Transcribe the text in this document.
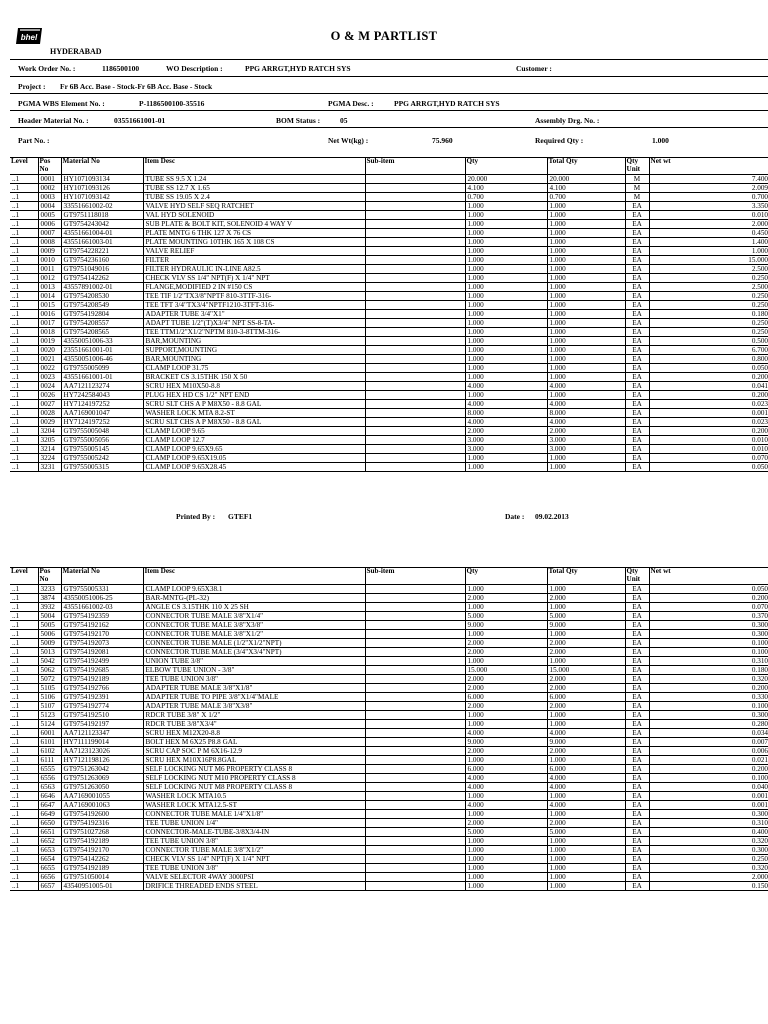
bhel
HYDERABAD
O & M PARTLIST
Work Order No. :	1186500100	WO Description :	PPG ARRGT,HYD RATCH SYS	Customer :
Project : Fr 6B Acc. Base - Stock-Fr 6B Acc. Base - Stock
PGMA WBS Element No. :	P-1186500100-35516	PGMA Desc. :	PPG ARRGT,HYD RATCH SYS
Header Material No. :	03551661001-01	BOM Status :	05	Assembly Drg. No. :
Part No. :	Net Wt(kg) :	75.960	Required Qty :	1.000
Level	Pos No	Material No	Item Desc	Sub-item	Qty	Total Qty	Qty Unit	Net wt
..1	0001	HY1071093134	TUBE SS 9.5 X 1.24		20.000	20.000	M	7.400
..1	0002	HY1071093126	TUBE SS 12.7 X 1.65		4.100	4.100	M	2.009
..1	0003	HY1071093142	TUBE SS 19.05 X 2.4		0.700	0.700	M	0.700
..1	0004	33551661002-02	VALVE HYD SELF SEQ RATCHET		1.000	1.000	EA	3.350
..1	0005	GT9751118018	VAL HYD SOLENOID		1.000	1.000	EA	0.010
..1	0006	GT9754243042	SUB PLATE & BOLT KIT, SOLENOID 4 WAY V		1.000	1.000	EA	2.000
..1	0007	43551661004-01	PLATE MNTG 6 THK 127 X 76 CS		1.000	1.000	EA	0.450
..1	0008	43551661003-01	PLATE MOUNTING 10THK 165 X 108 CS		1.000	1.000	EA	1.400
..1	0009	GT9754228221	VALVE RELIEF		1.000	1.000	EA	1.000
..1	0010	GT9754236160	FILTER		1.000	1.000	EA	15.000
..1	0011	GT9751049016	FILTER HYDRAULIC IN-LINE A82.5		1.000	1.000	EA	2.500
..1	0012	GT9754142262	CHECK VLV SS 1/4" NPT(F) X 1/4" NPT		1.000	1.000	EA	0.250
..1	0013	43557891002-01	FLANGE,MODIFIED 2 IN #150 CS		1.000	1.000	EA	2.500
..1	0014	GT9754208530	TEE TIF 1/2"TX3/8"NPTF 810-3TTF-316-		1.000	1.000	EA	0.250
..1	0015	GT9754208549	TEE TFT 3/4"TX3/4"NPTF1210-3TFT-316-		1.000	1.000	EA	0.250
..1	0016	GT9754192804	ADAPTER TUBE 3/4"X1"		1.000	1.000	EA	0.180
..1	0017	GT9754208557	ADAPT TUBE 1/2"(T)X3/4" NPT SS-8-TA-		1.000	1.000	EA	0.250
..1	0018	GT9754208565	TEE TTM1/2"X1/2"NPTM 810-3-8TTM-316-		1.000	1.000	EA	0.250
..1	0019	43550051006-33	BAR,MOUNTING		1.000	1.000	EA	0.500
..1	0020	23551661001-01	SUPPORT,MOUNTING		1.000	1.000	EA	6.700
..1	0021	43550051006-46	BAR,MOUNTING		1.000	1.000	EA	0.800
..1	0022	GT9755005099	CLAMP LOOP 31.75		1.000	1.000	EA	0.050
..1	0023	43551661001-01	BRACKET CS 3.15THK 150 X 50		1.000	1.000	EA	0.200
..1	0024	AA7121123274	SCRU HEX M10X50-8.8		4.000	4.000	EA	0.041
..1	0026	HY7242584043	PLUG HEX HD CS 1/2" NPT END		1.000	1.000	EA	0.200
..1	0027	HY7124197252	SCRU SLT CHS A P M8X50 - 8.8 GAL		4.000	4.000	EA	0.023
..1	0028	AA7169001047	WASHER LOCK MTA 8.2-ST		8.000	8.000	EA	0.001
..1	0029	HY7124197252	SCRU SLT CHS A P M8X50 - 8.8 GAL		4.000	4.000	EA	0.023
..1	3204	GT9755005048	CLAMP LOOP 9.65		2.000	2.000	EA	0.200
..1	3205	GT9755005056	CLAMP LOOP 12.7		3.000	3.000	EA	0.010
..1	3214	GT9755005145	CLAMP LOOP 9.65X9.65		3.000	3.000	EA	0.010
..1	3224	GT9755005242	CLAMP LOOP 9.65X19.05		1.000	1.000	EA	0.070
..1	3231	GT9755005315	CLAMP LOOP 9.65X28.45		1.000	1.000	EA	0.050
Printed By : GTEF1	Date : 09.02.2013
Level	Pos No	Material No	Item Desc	Sub-item	Qty	Total Qty	Qty Unit	Net wt
..1	3233	GT9755005331	CLAMP LOOP 9.65X38.1		1.000	1.000	EA	0.050
..1	3874	43550051006-25	BAR-MNTG-(PL-32)		2.000	2.000	EA	0.200
..1	3932	43551661002-03	ANGLE CS 3.15THK 110 X 25 SH		1.000	1.000	EA	0.070
..1	5004	GT9754192359	CONNECTOR TUBE MALE 3/8"X1/4"		5.000	5.000	EA	0.370
..1	5005	GT9754192162	CONNECTOR TUBE MALE 3/8"X3/8"		9.000	9.000	EA	0.300
..1	5006	GT9754192170	CONNECTOR TUBE MALE 3/8"X1/2"		1.000	1.000	EA	0.300
..1	5009	GT9754192073	CONNECTOR TUBE MALE (1/2"X1/2"NPT)		2.000	2.000	EA	0.100
..1	5013	GT9754192081	CONNECTOR TUBE MALE (3/4"X3/4"NPT)		2.000	2.000	EA	0.100
..1	5042	GT9754192499	UNION TUBE 3/8"		1.000	1.000	EA	0.310
..1	5062	GT9754192685	ELBOW TUBE UNION - 3/8"		15.000	15.000	EA	0.180
..1	5072	GT9754192189	TEE TUBE UNION 3/8"		2.000	2.000	EA	0.320
..1	5105	GT9754192766	ADAPTER TUBE MALE 3/8"X1/8"		2.000	2.000	EA	0.200
..1	5106	GT9754192391	ADAPTER TUBE TO PIPE 3/8"X1/4"MALE		6.000	6.000	EA	0.330
..1	5107	GT9754192774	ADAPTER TUBE MALE 3/8"X3/8"		2.000	2.000	EA	0.100
..1	5123	GT9754192510	RDCR TUBE 3/8" X 1/2"		1.000	1.000	EA	0.300
..1	5124	GT9754192197	RDCR TUBE 3/8"X3/4"		1.000	1.000	EA	0.280
..1	6001	AA7121123347	SCRU HEX M12X20-8.8		4.000	4.000	EA	0.034
..1	6101	HY7111199014	BOLT HEX M 6X25 P8.8 GAL		9.000	9.000	EA	0.007
..1	6102	AA7123123026	SCRU CAP SOC P M 6X16-12.9		2.000	2.000	EA	0.006
..1	6111	HY7121198126	SCRU HEX M10X16P8.8GAL		1.000	1.000	EA	0.021
..1	6555	GT9751263042	SELF LOCKING NUT M6 PROPERTY CLASS 8		6.000	6.000	EA	0.200
..1	6556	GT9751263069	SELF LOCKING NUT M10 PROPERTY CLASS 8		4.000	4.000	EA	0.100
..1	6563	GT9751263050	SELF LOCKING NUT M8 PROPERTY CLASS 8		4.000	4.000	EA	0.040
..1	6646	AA7169001055	WASHER LOCK MTA10.5		1.000	1.000	EA	0.001
..1	6647	AA7169001063	WASHER LOCK MTA12.5-ST		4.000	4.000	EA	0.001
..1	6649	GT9754192600	CONNECTOR TUBE MALE 1/4"X1/8"		1.000	1.000	EA	0.300
..1	6650	GT9754192316	TEE TUBE UNION 1/4"		2.000	2.000	EA	0.310
..1	6651	GT9751027268	CONNECTOR-MALE-TUBE-3/8X3/4-IN		5.000	5.000	EA	0.400
..1	6652	GT9754192189	TEE TUBE UNION 3/8"		1.000	1.000	EA	0.320
..1	6653	GT9754192170	CONNECTOR TUBE MALE 3/8"X1/2"		1.000	1.000	EA	0.300
..1	6654	GT9754142262	CHECK VLV SS 1/4" NPT(F) X 1/4" NPT		1.000	1.000	EA	0.250
..1	6655	GT9754192189	TEE TUBE UNION 3/8"		1.000	1.000	EA	0.320
..1	6656	GT9751050014	VALVE SELECTOR 4WAY 3000PSI		1.000	1.000	EA	2.000
..1	6657	43540951005-01	DRIFICE THREADED ENDS STEEL		1.000	1.000	EA	0.150
